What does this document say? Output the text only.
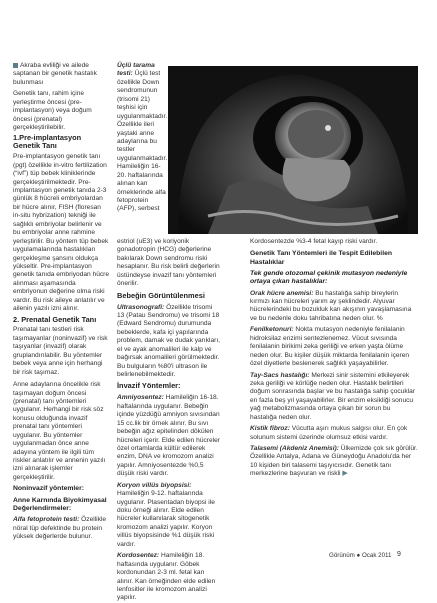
Akraba evliliği ve ailede saptanan bir genetik hastalık bulunması
Genetik tanı, rahim içine yerleştirme öncesi (pre-implantasyon) veya doğum öncesi (prenatal) gerçekleştirilebilir.
1.Pre-implantasyon Genetik Tanı
Pre-implantasyon genetik tanı (pgt) özellikle in-vitro fertilization (“ivf”) tüp bebek kliniklerinde gerçekleştirilmektedir. Pre-implantasyon genetik tanıda 2-3 günlük 8 hücreli embriyolardan bir hücre alınır, FISH (floresan in-situ hybrization) tekniği ile sağlıklı embriyolar belirlenir ve bu embriyolar anne rahmine yerleştirilir. Bu yöntem tüp bebek uygulamalarında hastalıkları gerçekleşme şansını oldukça yükseltir. Pre-implantasyon genetik tanıda embriyodan hücre alınması aşamasında embriyonun değerine olma riski vardır. Bu risk aileye anlatılır ve ailenin yazılı izni alınır.
2. Prenatal Genetik Tanı
Prenatal tanı testleri risk taşımayanlar (noninvazif) ve risk taşıyanlar (invazif) olarak gruplandırılabilir. Bu yöntemler bebek veya anne için herhangi bir risk taşımaz.
Anne adaylarına öncelikle risk taşımayan doğum öncesi (prenatal) tanı yöntemleri uygulanır. Herhangi bir risk söz konusu olduğunda invazif prenatal tanı yöntemleri uygulanır. Bu yöntemler uygulanmadan önce anne adayına yöntem ile ilgili tüm riskler anlatılır ve annenin yazılı izni alınarak işlemler gerçekleştirilir.
Noninvazif yöntemler:
Anne Karnında Biyokimyasal Değerlendirmeler:
Alfa fetoprotein testi: Özellikle nöral tüp defektinde bu protein yüksek değerlerde bulunur.
Üçlü tarama testi: Üçlü test özellikle Down sendromunun (trisomi 21) teşhisi için uygulanmaktadır. Özellikle ileri yaştaki anne adaylarına bu testler uygulanmaktadır. Hamileliğin 16-20. haftalarında alınan kan örneklerinde alfa fetoprotein (AFP), serbest
estriol (uE3) ve koriyonik gonadotropin (HCG) değerlerine bakılarak Down sendromu riski hesaplanır. Bu risk belirli değerlerin üstündeyse invazif tanı yöntemleri önerilir.
Bebeğin Görüntülenmesi
Ultrasonografi: Özellikle trisomi 13 (Patau Sendromu) ve trisomi 18 (Edward Sendromu) durumunda bebeklerde, kafa içi yapılarında problem, damak ve dudak yarıkları, el ve ayak anomalileri ile kalp ve bağırsak anomalileri görülmektedir. Bu bulguların %80'i ultrason ile belirlenebilmektedir.
İnvazif Yöntemler:
Amniyosentez: Hamileliğin 16-18. haftalarında uygulanır. Bebeğin içinde yüzdüğü amniyon sıvısından 15 cc.lik bir örnek alınır. Bu sıvı bebeğin ağız epitelinden dökülen hücreleri içerir. Elde edilen hücreler özel ortamlarda kültür edilerek enzim, DNA ve kromozom analizi yapılır. Amniyosentezde %0,5 düşük riski vardır.
Koryon villüs biyopsisi: Hamileliğin 9-12. haftalarında uygulanır. Plasentadan biyopsi ile doku örneği alınır. Elde edilen hücreler kullanılarak sitogenetik kromozom analizi yapılır. Koryon villüs biyopsisinde %1 düşük riski vardır.
Kordosentez: Hamileliğin 18. haftasında uygulanır. Göbek kordonundan 2-3 ml. fetal kan alınır. Kan örneğinden elde edilen lenfositler ile kromozom analizi yapılır.
Kordosentezde %3-4 fetal kayıp riski vardır.
Genetik Tanı Yöntemleri ile Tespit Edilebilen Hastalıklar
Tek gende otozomal çekinik mutasyon nedeniyle ortaya çıkan hastalıklar:
Orak hücre anemisi: Bu hastalığa sahip bireylerin kırmızı kan hücreleri yarım ay şeklindedir. Alyuvar hücrelerindeki bu bozukluk kan akışının yavaşlamasına ve bu nedenle doku tahribatına neden olur. %
Fenilketonuri: Nokta mutasyon nedeniyle fenilalanin hidroksilaz enzimi sentezlenemez. Vücut sıvısında fenilalanin birikimi zeka geriliği ve erken yaşta ölüme neden olur. Bu kişiler düşük miktarda fenilalanin içeren özel diyetlerle beslenerek sağlıklı yaşayabilirler.
Tay-Sacs hastalığı: Merkezi sinir sistemini etkileyerek zeka geriliği ve körlüğe neden olur. Hastalık belirtileri doğum sonrasında başlar ve bu hastalığa sahip çocuklar en fazla beş yıl yaşayabilirler. Bir enzim eksikliği sonucu yağ metabolizmasında ortaya çıkan bir sorun bu hastalığa neden olur.
Kistik fibroz: Vücutta aşırı mukus salgısı olur. En çok solunum sistemi üzerinde olumsuz etkisi vardır.
Talasemi (Akdeniz Anemisi): Ülkemizde çok sık görülür. Özellikle Antalya, Adana ve Güneydoğu Anadolu'da her 10 kişiden biri talasemi taşıyıcısıdır. Genetik tanı merkezlerine başvuran ve riskli ▶
Görünüm ● Ocak 2011 9
